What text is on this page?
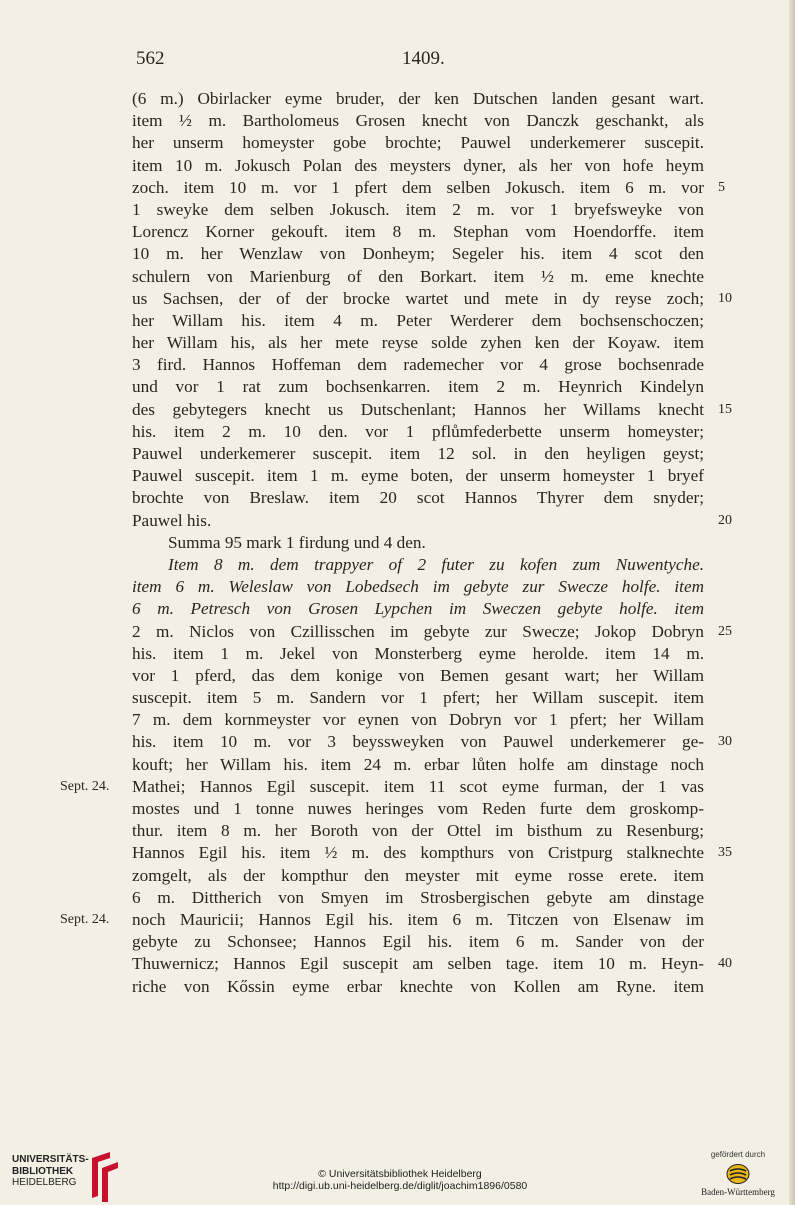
562	1409.
(6 m.) Obirlacker eyme bruder, der ken Dutschen landen gesant wart.
item ½ m. Bartholomeus Grosen knecht von Danczk geschankt, als
her unserm homeyster gobe brochte; Pauwel underkemerer suscepit.
item 10 m. Jokusch Polan des meysters dyner, als her von hofe heym
zoch. item 10 m. vor 1 pfert dem selben Jokusch. item 6 m. vor 5
1 sweyke dem selben Jokusch. item 2 m. vor 1 bryefsweyke von
Lorencz Korner gekouft. item 8 m. Stephan vom Hoendorffe. item
10 m. her Wenzlaw von Donheym; Segeler his. item 4 scot den
schulern von Marienburg of den Borkart. item ½ m. eme knechte
us Sachsen, der of der brocke wartet und mete in dy reyse zoch; 10
her Willam his. item 4 m. Peter Werderer dem bochsenschoczen;
her Willam his, als her mete reyse solde zyhen ken der Koyaw. item
3 fird. Hannos Hoffeman dem rademecher vor 4 grose bochsenrade
und vor 1 rat zum bochsenkarren. item 2 m. Heynrich Kindelyn
des gebytegers knecht us Dutschenlant; Hannos her Willams knecht 15
his. item 2 m. 10 den. vor 1 pflůmfederbette unserm homeyster;
Pauwel underkemerer suscepit. item 12 sol. in den heyligen geyst;
Pauwel suscepit. item 1 m. eyme boten, der unserm homeyster 1 bryef
brochte von Breslaw. item 20 scot Hannos Thyrer dem snyder;
Pauwel his.	20
Summa 95 mark 1 firdung und 4 den.
Item 8 m. dem trappyer of 2 futer zu kofen zum Nuwentyche.
item 6 m. Weleslaw von Lobedsech im gebyte zur Swecze holfe. item
6 m. Petresch von Grosen Lypchen im Sweczen gebyte holfe. item
2 m. Niclos von Czillisschen im gebyte zur Swecze; Jokop Dobryn 25
his. item 1 m. Jekel von Monsterberg eyme herolde. item 14 m.
vor 1 pferd, das dem konige von Bemen gesant wart; her Willam
suscepit. item 5 m. Sandern vor 1 pfert; her Willam suscepit. item
7 m. dem kornmeyster vor eynen von Dobryn vor 1 pfert; her Willam
his. item 10 m. vor 3 beyssweyken von Pauwel underkemerer ge- 30
kouft; her Willam his. item 24 m. erbar lůten holfe am dinstage noch
Sept. 24. Mathei; Hannos Egil suscepit. item 11 scot eyme furman, der 1 vas
mostes und 1 tonne nuwes heringes vom Reden furte dem groskomp-
thur. item 8 m. her Boroth von der Ottel im bisthum zu Resenburg;
Hannos Egil his. item ½ m. des kompthurs von Cristpurg stalknechte 35
zomgelt, als der kompthur den meyster mit eyme rosse erete. item
6 m. Dittherich von Smyen im Strosbergischen gebyte am dinstage
Sept. 24. noch Mauricii; Hannos Egil his. item 6 m. Titczen von Elsenaw im
gebyte zu Schonsee; Hannos Egil his. item 6 m. Sander von der
Thuwernicz; Hannos Egil suscepit am selben tage. item 10 m. Heyn- 40
riche von Kőssin eyme erbar knechte von Kollen am Ryne. item
UNIVERSITÄTS-
BIBLIOTHEK
HEIDELBERG
© Universitätsbibliothek Heidelberg
http://digi.ub.uni-heidelberg.de/diglit/joachim1896/0580
gefördert durch
Baden-Württemberg
